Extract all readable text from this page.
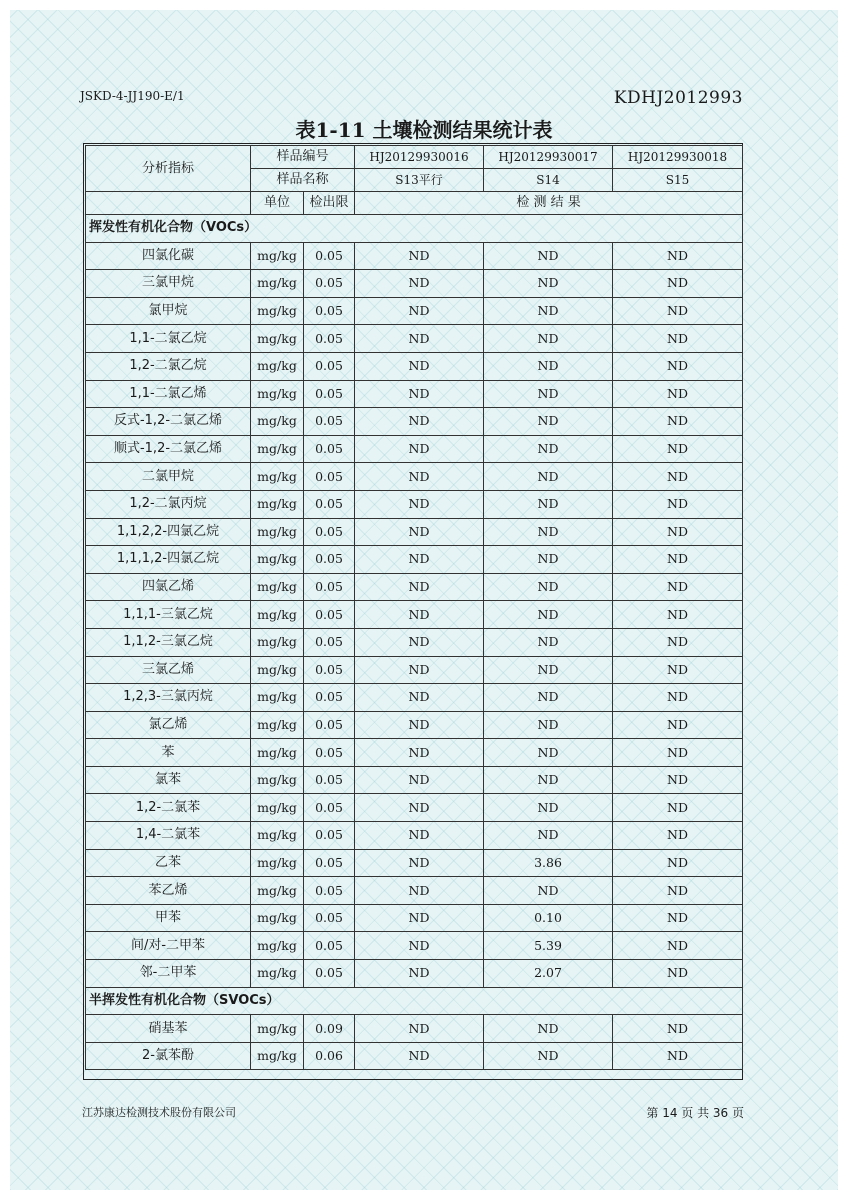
JSKD-4-JJ190-E/1	KDHJ2012993
表1-11 土壤检测结果统计表
分析指标	样品编号		HJ20129930016	HJ20129930017	HJ20129930018
	样品名称		S13平行	S14	S15
	单位	检出限	检 测 结 果		
挥发性有机化合物（VOCs）					
四氯化碳	mg/kg	0.05	ND	ND	ND
三氯甲烷	mg/kg	0.05	ND	ND	ND
氯甲烷	mg/kg	0.05	ND	ND	ND
1,1-二氯乙烷	mg/kg	0.05	ND	ND	ND
1,2-二氯乙烷	mg/kg	0.05	ND	ND	ND
1,1-二氯乙烯	mg/kg	0.05	ND	ND	ND
反式-1,2-二氯乙烯	mg/kg	0.05	ND	ND	ND
顺式-1,2-二氯乙烯	mg/kg	0.05	ND	ND	ND
二氯甲烷	mg/kg	0.05	ND	ND	ND
1,2-二氯丙烷	mg/kg	0.05	ND	ND	ND
1,1,2,2-四氯乙烷	mg/kg	0.05	ND	ND	ND
1,1,1,2-四氯乙烷	mg/kg	0.05	ND	ND	ND
四氯乙烯	mg/kg	0.05	ND	ND	ND
1,1,1-三氯乙烷	mg/kg	0.05	ND	ND	ND
1,1,2-三氯乙烷	mg/kg	0.05	ND	ND	ND
三氯乙烯	mg/kg	0.05	ND	ND	ND
1,2,3-三氯丙烷	mg/kg	0.05	ND	ND	ND
氯乙烯	mg/kg	0.05	ND	ND	ND
苯	mg/kg	0.05	ND	ND	ND
氯苯	mg/kg	0.05	ND	ND	ND
1,2-二氯苯	mg/kg	0.05	ND	ND	ND
1,4-二氯苯	mg/kg	0.05	ND	ND	ND
乙苯	mg/kg	0.05	ND	3.86	ND
苯乙烯	mg/kg	0.05	ND	ND	ND
甲苯	mg/kg	0.05	ND	0.10	ND
间/对-二甲苯	mg/kg	0.05	ND	5.39	ND
邻-二甲苯	mg/kg	0.05	ND	2.07	ND
半挥发性有机化合物（SVOCs）					
硝基苯	mg/kg	0.09	ND	ND	ND
2-氯苯酚	mg/kg	0.06	ND	ND	ND
江苏康达检测技术股份有限公司	第 14 页 共 36 页
